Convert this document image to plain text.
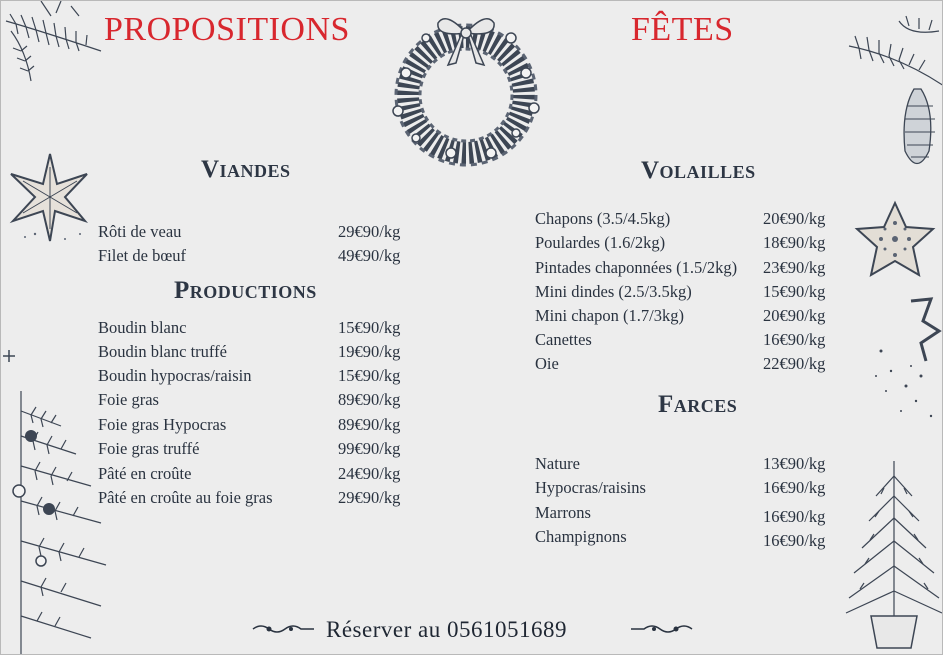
PROPOSITIONS	FÊTES
Viandes
Rôti de veau	29€90/kg
Filet de bœuf	49€90/kg
Productions
Boudin blanc	15€90/kg
Boudin blanc truffé	19€90/kg
Boudin hypocras/raisin	15€90/kg
Foie gras	89€90/kg
Foie gras Hypocras	89€90/kg
Foie gras truffé	99€90/kg
Pâté en croûte	24€90/kg
Pâté en croûte au foie gras	29€90/kg
Volailles
Chapons (3.5/4.5kg)	20€90/kg
Poulardes (1.6/2kg)	18€90/kg
Pintades chaponnées (1.5/2kg) 23€90/kg
Mini dindes (2.5/3.5kg)	15€90/kg
Mini chapon (1.7/3kg)	20€90/kg
Canettes	16€90/kg
Oie	22€90/kg
Farces
Nature	13€90/kg
Hypocras/raisins	16€90/kg
Marrons	16€90/kg
Champignons	16€90/kg
Réserver au 0561051689
